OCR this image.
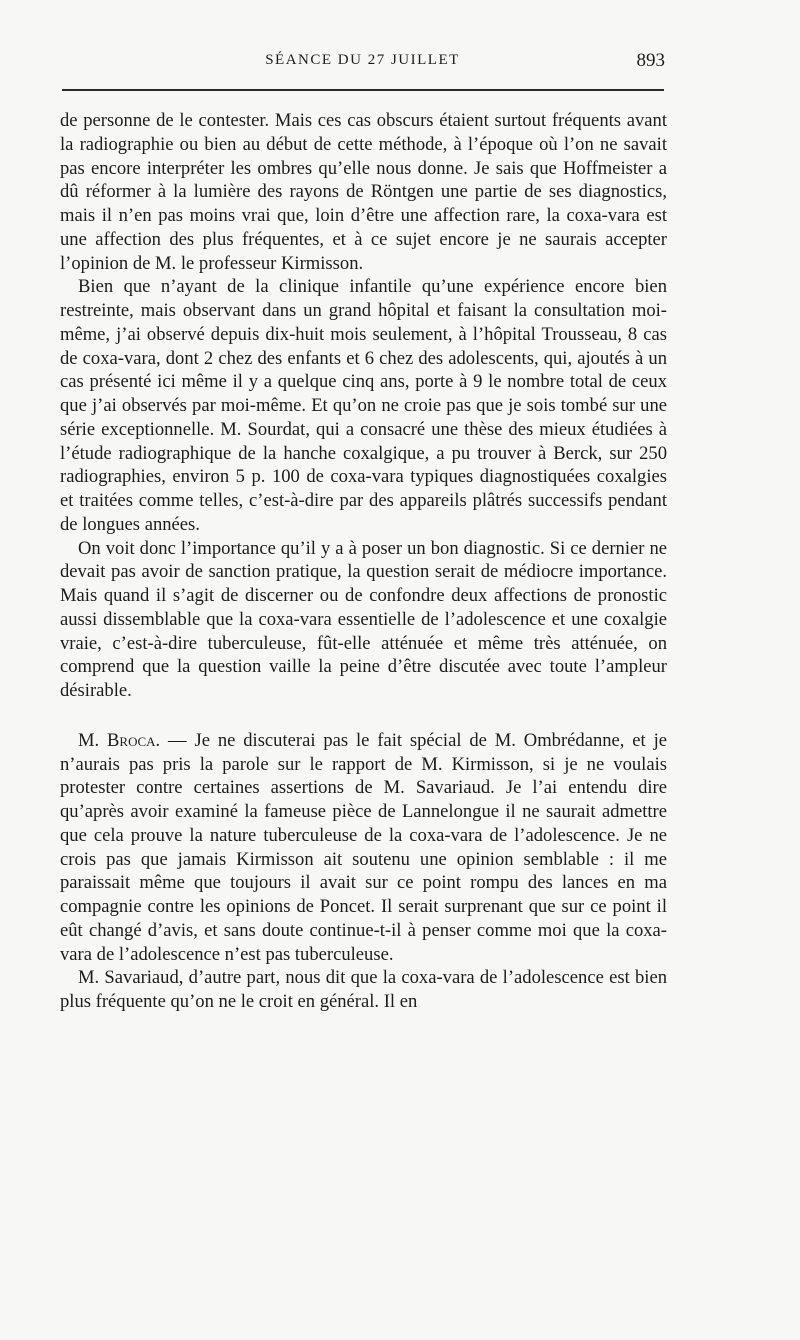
SÉANCE DU 27 JUILLET	893

de personne de le contester. Mais ces cas obscurs étaient surtout fréquents avant la radiographie ou bien au début de cette méthode, à l’époque où l’on ne savait pas encore interpréter les ombres qu’elle nous donne. Je sais que Hoffmeister a dû réformer à la lumière des rayons de Röntgen une partie de ses diagnostics, mais il n’en pas moins vrai que, loin d’être une affection rare, la coxa-vara est une affection des plus fréquentes, et à ce sujet encore je ne saurais accepter l’opinion de M. le professeur Kirmisson.

Bien que n’ayant de la clinique infantile qu’une expérience encore bien restreinte, mais observant dans un grand hôpital et faisant la consultation moi-même, j’ai observé depuis dix-huit mois seulement, à l’hôpital Trousseau, 8 cas de coxa-vara, dont 2 chez des enfants et 6 chez des adolescents, qui, ajoutés à un cas présenté ici même il y a quelque cinq ans, porte à 9 le nombre total de ceux que j’ai observés par moi-même. Et qu’on ne croie pas que je sois tombé sur une série exceptionnelle. M. Sourdat, qui a consacré une thèse des mieux étudiées à l’étude radiographique de la hanche coxalgique, a pu trouver à Berck, sur 250 radiographies, environ 5 p. 100 de coxa-vara typiques diagnostiquées coxalgies et traitées comme telles, c’est-à-dire par des appareils plâtrés successifs pendant de longues années.

On voit donc l’importance qu’il y a à poser un bon diagnostic. Si ce dernier ne devait pas avoir de sanction pratique, la question serait de médiocre importance. Mais quand il s’agit de discerner ou de confondre deux affections de pronostic aussi dissemblable que la coxa-vara essentielle de l’adolescence et une coxalgie vraie, c’est-à-dire tuberculeuse, fût-elle atténuée et même très atténuée, on comprend que la question vaille la peine d’être discutée avec toute l’ampleur désirable.

M. Broca. — Je ne discuterai pas le fait spécial de M. Ombrédanne, et je n’aurais pas pris la parole sur le rapport de M. Kirmisson, si je ne voulais protester contre certaines assertions de M. Savariaud. Je l’ai entendu dire qu’après avoir examiné la fameuse pièce de Lannelongue il ne saurait admettre que cela prouve la nature tuberculeuse de la coxa-vara de l’adolescence. Je ne crois pas que jamais Kirmisson ait soutenu une opinion semblable : il me paraissait même que toujours il avait sur ce point rompu des lances en ma compagnie contre les opinions de Poncet. Il serait surprenant que sur ce point il eût changé d’avis, et sans doute continue-t-il à penser comme moi que la coxa-vara de l’adolescence n’est pas tuberculeuse.

M. Savariaud, d’autre part, nous dit que la coxa-vara de l’adolescence est bien plus fréquente qu’on ne le croit en général. Il en
